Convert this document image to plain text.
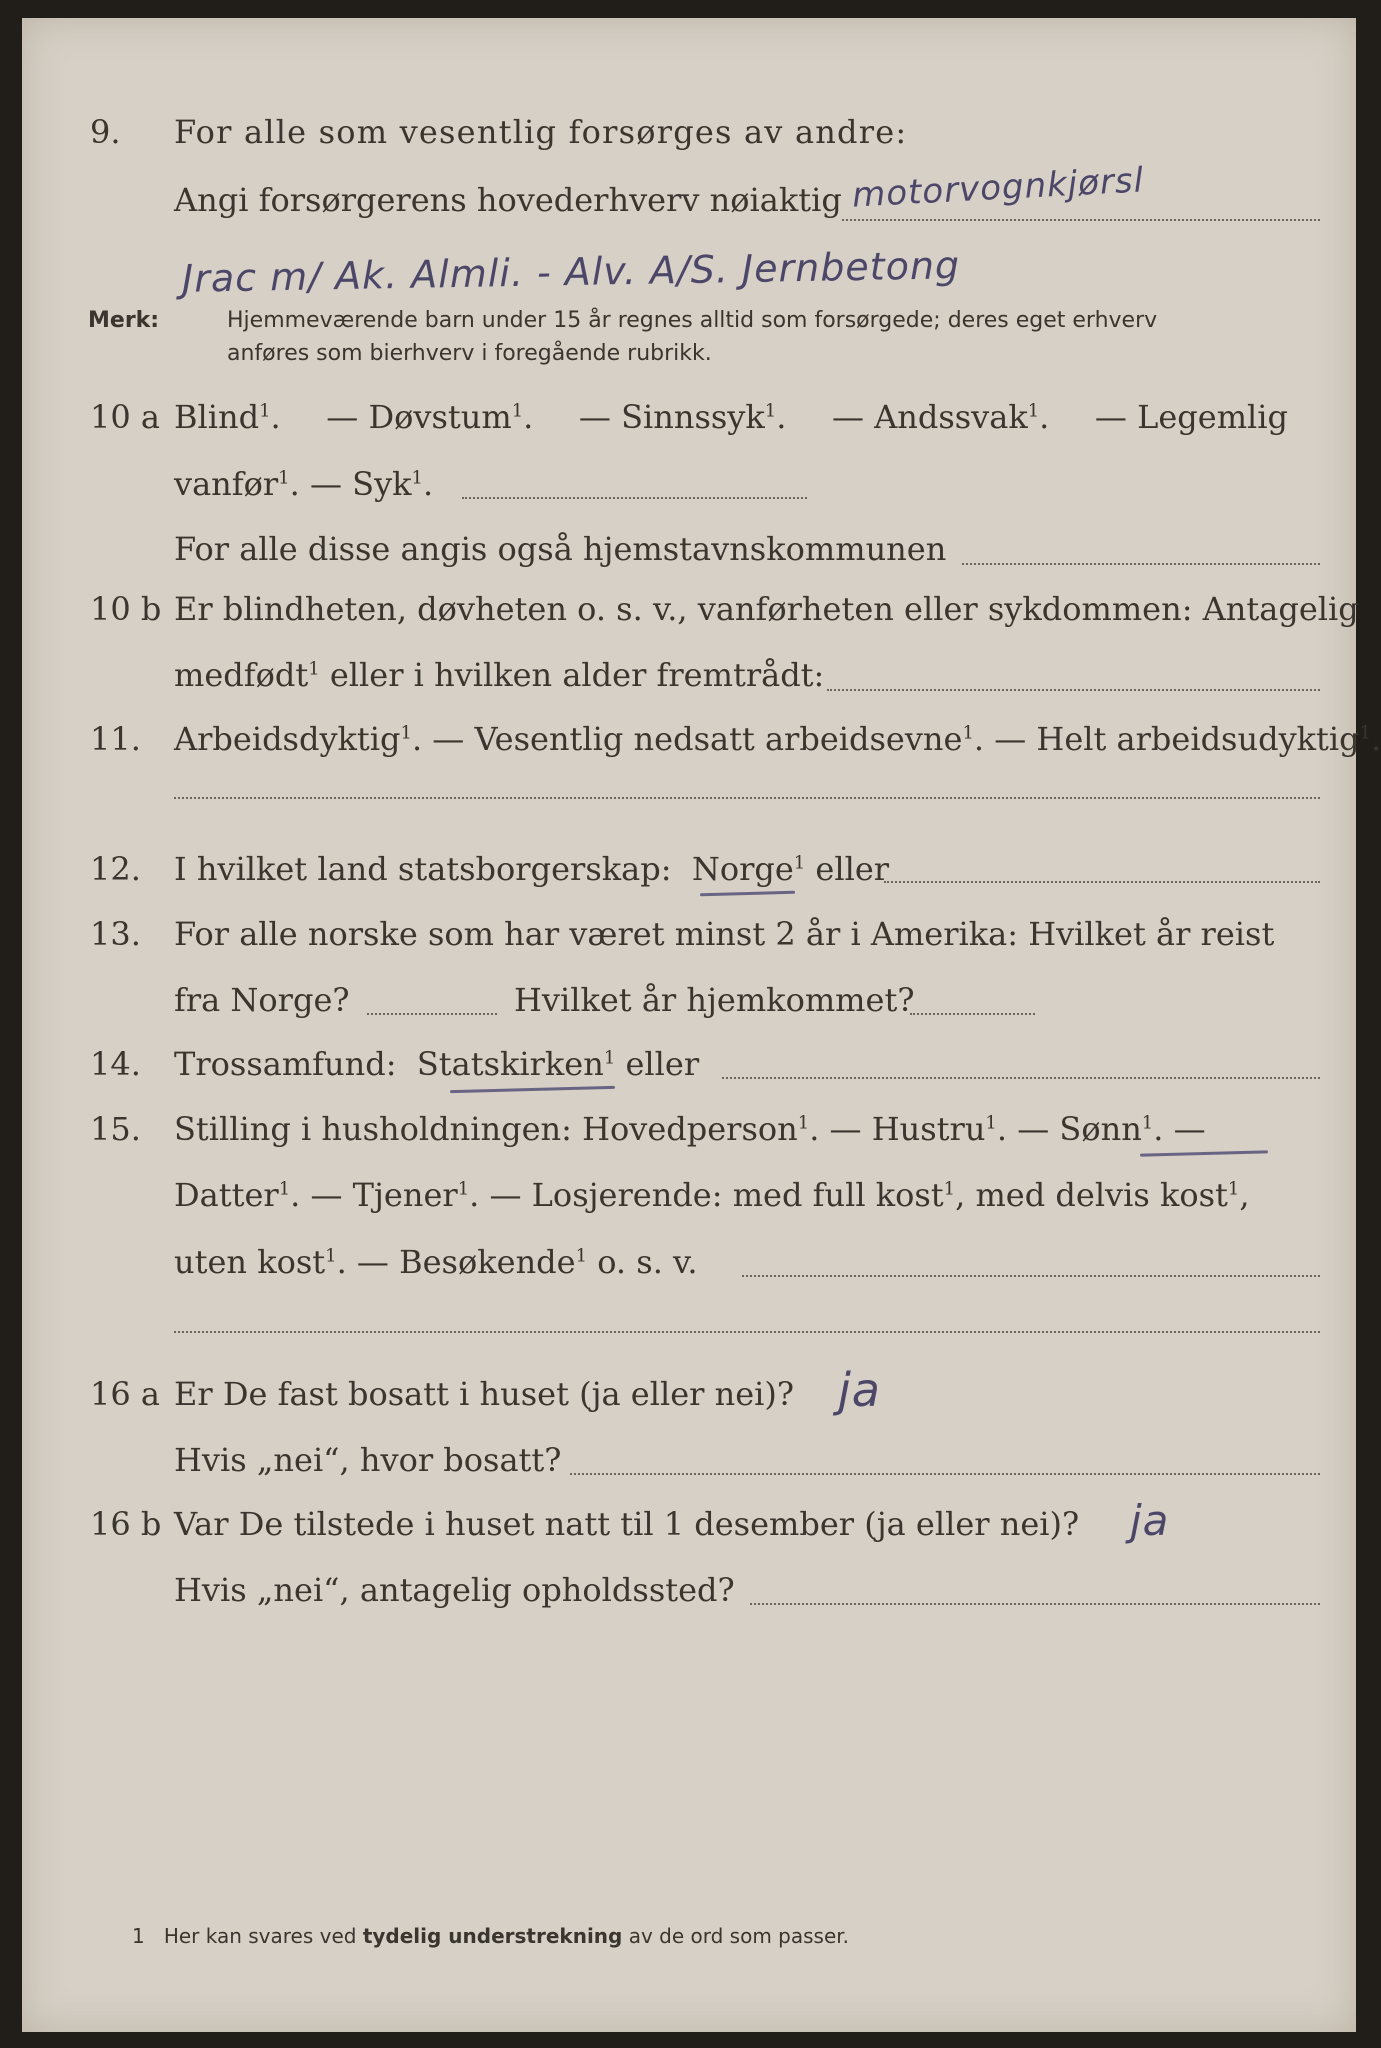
9. For alle som vesentlig forsørges av andre:
Angi forsørgerens hovederhverv nøiaktig motorvognkjørsl
Jrac m/ Ak. Almli. - Alv. A/S. Jernbetong
Merk:	Hjemmeværende barn under 15 år regnes alltid som forsørgede; deres eget erhverv
anføres som bierhverv i foregående rubrikk.
10 a Blind$^1$. — Døvstum$^1$. — Sinnssyk$^1$. — Andssvak$^1$. — Legemlig
vanfør$^1$. — Syk$^1$.
For alle disse angis også hjemstavnskommunen
10 b Er blindheten, døvheten o. s. v., vanførheten eller sykdommen: Antagelig
medfødt$^1$ eller i hvilken alder fremtrådt:
11. Arbeidsdyktig$^1$. — Vesentlig nedsatt arbeidsevne$^1$. — Helt arbeidsudyktig$^1$.
12. I hvilket land statsborgerskap: Norge$^1$ eller
13. For alle norske som har været minst 2 år i Amerika: Hvilket år reist
fra Norge?	Hvilket år hjemkommet?
14. Trossamfund: Statskirken$^1$ eller
15. Stilling i husholdningen: Hovedperson$^1$. — Hustru$^1$. — Sønn$^1$. —
Datter$^1$. — Tjener$^1$. — Losjerende: med full kost$^1$, med delvis kost$^1$,
uten kost$^1$. — Besøkende$^1$ o. s. v.
16 a Er De fast bosatt i huset (ja eller nei)? ja
Hvis „nei“, hvor bosatt?
16 b Var De tilstede i huset natt til 1 desember (ja eller nei)? ja
Hvis „nei“, antagelig opholdssted?
1 Her kan svares ved tydelig understrekning av de ord som passer.
